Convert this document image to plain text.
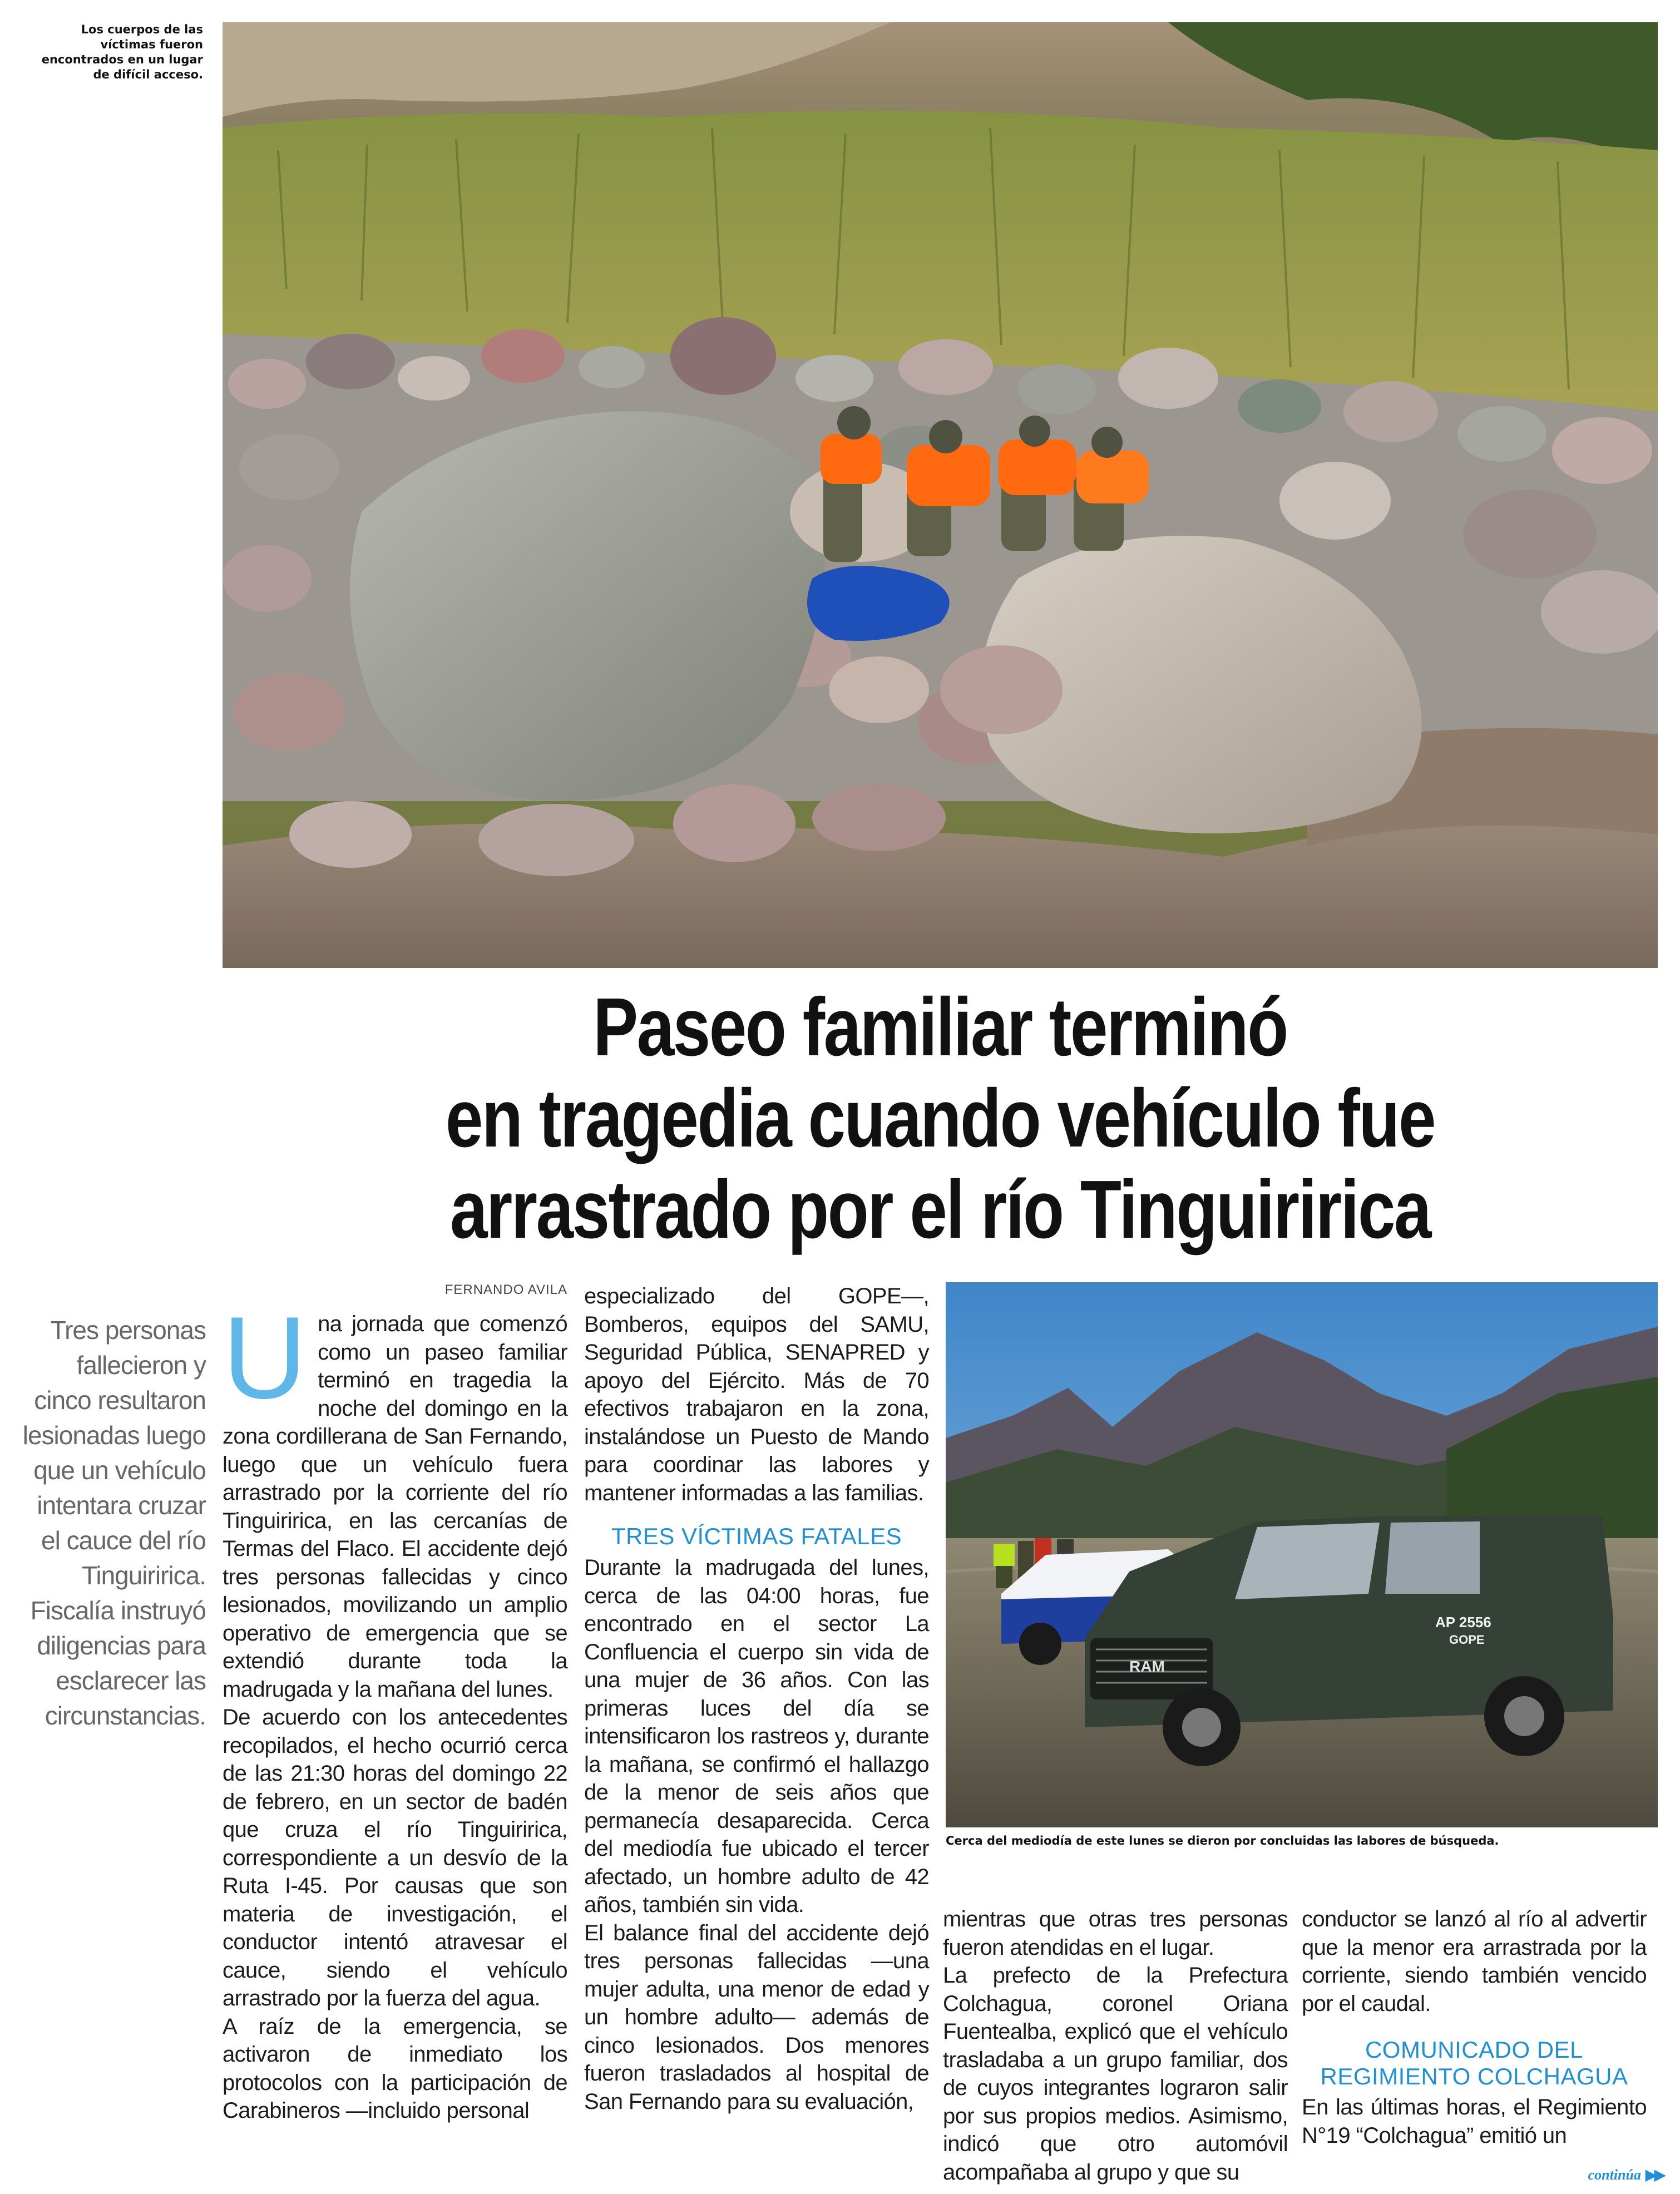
Los cuerpos de las víctimas fueron encontrados en un lugar de difícil acceso.
Paseo familiar terminó
en tragedia cuando vehículo fue
arrastrado por el río Tinguiririca
Tres personas fallecieron y cinco resultaron lesionadas luego que un vehículo intentara cruzar el cauce del río Tinguiririca. Fiscalía instruyó diligencias para esclarecer las circunstancias.
FERNANDO AVILA
U na jornada que comenzó como un paseo familiar terminó en tragedia la noche del domingo en la zona cordillerana de San Fernando, luego que un vehículo fuera arrastrado por la corriente del río Tinguiririca, en las cercanías de Termas del Flaco. El accidente dejó tres personas fallecidas y cinco lesionados, movilizando un amplio operativo de emergencia que se extendió durante toda la madrugada y la mañana del lunes.

De acuerdo con los antecedentes recopilados, el hecho ocurrió cerca de las 21:30 horas del domingo 22 de febrero, en un sector de badén que cruza el río Tinguiririca, correspondiente a un desvío de la Ruta I-45. Por causas que son materia de investigación, el conductor intentó atravesar el cauce, siendo el vehículo arrastrado por la fuerza del agua.

A raíz de la emergencia, se activaron de inmediato los protocolos con la participación de Carabineros —incluido personal

especializado del GOPE—, Bomberos, equipos del SAMU, Seguridad Pública, SENAPRED y apoyo del Ejército. Más de 70 efectivos trabajaron en la zona, instalándose un Puesto de Mando para coordinar las labores y mantener informadas a las familias.

TRES VÍCTIMAS FATALES

Durante la madrugada del lunes, cerca de las 04:00 horas, fue encontrado en el sector La Confluencia el cuerpo sin vida de una mujer de 36 años. Con las primeras luces del día se intensificaron los rastreos y, durante la mañana, se confirmó el hallazgo de la menor de seis años que permanecía desaparecida. Cerca del mediodía fue ubicado el tercer afectado, un hombre adulto de 42 años, también sin vida.

El balance final del accidente dejó tres personas fallecidas —una mujer adulta, una menor de edad y un hombre adulto— además de cinco lesionados. Dos menores fueron trasladados al hospital de San Fernando para su evaluación,

RAM
AP 2556
GOPE
Cerca del mediodía de este lunes se dieron por concluidas las labores de búsqueda.

mientras que otras tres personas fueron atendidas en el lugar.

La prefecto de la Prefectura Colchagua, coronel Oriana Fuentealba, explicó que el vehículo trasladaba a un grupo familiar, dos de cuyos integrantes lograron salir por sus propios medios. Asimismo, indicó que otro automóvil acompañaba al grupo y que su

conductor se lanzó al río al advertir que la menor era arrastrada por la corriente, siendo también vencido por el caudal.

COMUNICADO DEL
REGIMIENTO COLCHAGUA

En las últimas horas, el Regimiento N°19 “Colchagua” emitió un

continúa ▶▶
